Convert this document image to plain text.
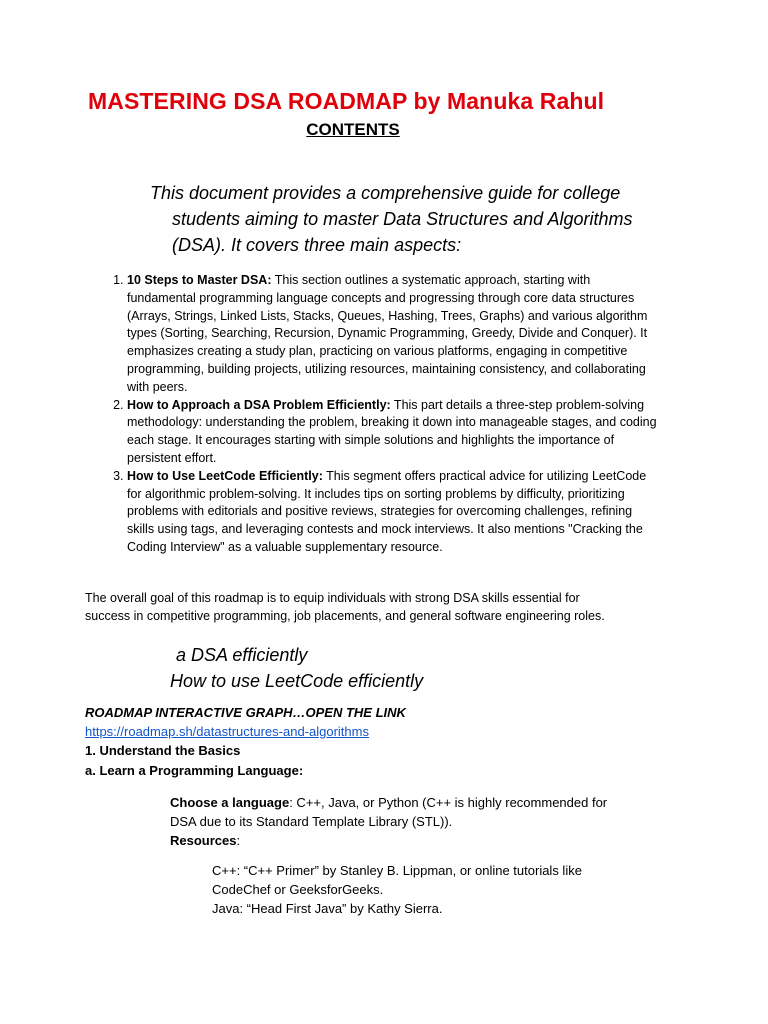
MASTERING DSA ROADMAP by Manuka Rahul
CONTENTS
This document provides a comprehensive guide for college students aiming to master Data Structures and Algorithms (DSA). It covers three main aspects:
1. 10 Steps to Master DSA: This section outlines a systematic approach, starting with fundamental programming language concepts and progressing through core data structures (Arrays, Strings, Linked Lists, Stacks, Queues, Hashing, Trees, Graphs) and various algorithm types (Sorting, Searching, Recursion, Dynamic Programming, Greedy, Divide and Conquer). It emphasizes creating a study plan, practicing on various platforms, engaging in competitive programming, building projects, utilizing resources, maintaining consistency, and collaborating with peers.
2. How to Approach a DSA Problem Efficiently: This part details a three-step problem-solving methodology: understanding the problem, breaking it down into manageable stages, and coding each stage. It encourages starting with simple solutions and highlights the importance of persistent effort.
3. How to Use LeetCode Efficiently: This segment offers practical advice for utilizing LeetCode for algorithmic problem-solving. It includes tips on sorting problems by difficulty, prioritizing problems with editorials and positive reviews, strategies for overcoming challenges, refining skills using tags, and leveraging contests and mock interviews. It also mentions "Cracking the Coding Interview" as a valuable supplementary resource.
The overall goal of this roadmap is to equip individuals with strong DSA skills essential for success in competitive programming, job placements, and general software engineering roles.
a DSA efficiently
How to use LeetCode efficiently
ROADMAP INTERACTIVE GRAPH…OPEN THE LINK
https://roadmap.sh/datastructures-and-algorithms
1. Understand the Basics
a. Learn a Programming Language:
Choose a language: C++, Java, or Python (C++ is highly recommended for DSA due to its Standard Template Library (STL)).
Resources:
C++: “C++ Primer” by Stanley B. Lippman, or online tutorials like CodeChef or GeeksforGeeks.
Java: “Head First Java” by Kathy Sierra.
